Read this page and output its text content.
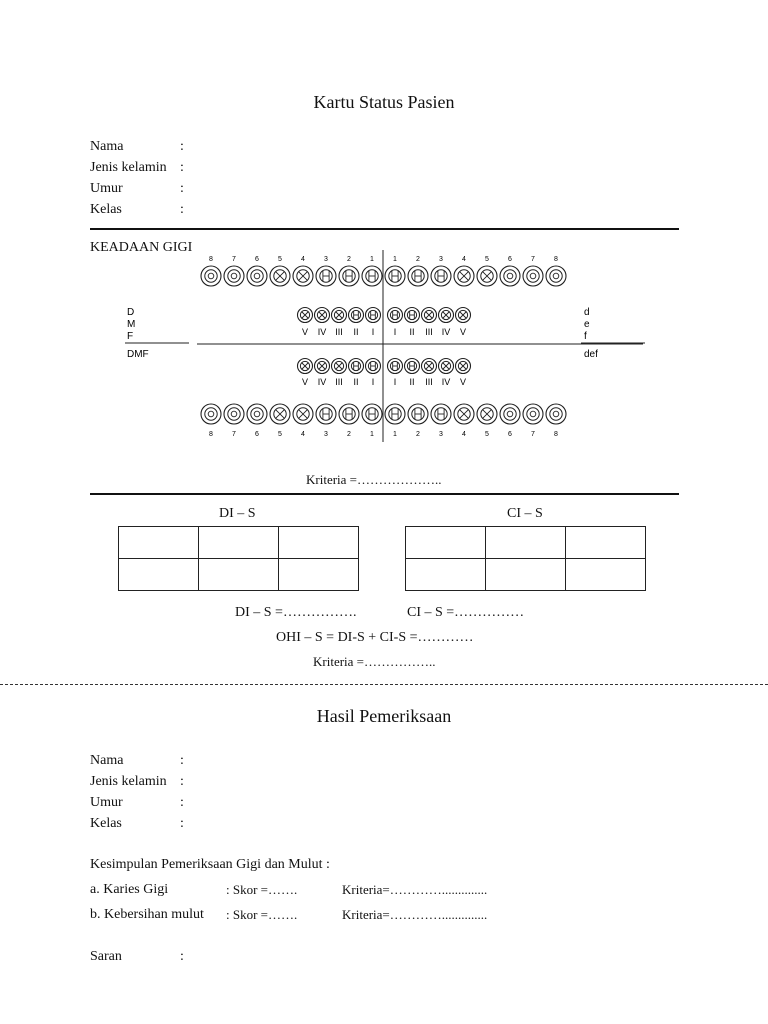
Kartu Status Pasien
Nama	:
Jenis kelamin :
Umur	:
Kelas	:
KEADAAN GIGI
8	7	6	5	4	3	2	1	1	2	3	4	5	6	7	8
8	7	6	5	4	3	2	1	1	2	3	4	5	6	7	8
V IV III II I I II III IV V
V IV III II I I II III IV V
D
M
F
DMF
d
e
f
def
Kriteria =………………..
DI – S	CI – S

DI – S =…………….	CI – S =……………
OHI – S = DI-S + CI-S =…………
Kriteria =……………..
Hasil Pemeriksaan
Nama	:
Jenis kelamin :
Umur	:
Kelas	:
Kesimpulan Pemeriksaan Gigi dan Mulut :
a. Karies Gigi	: Skor =…….	Kriteria=…………..............
b. Kebersihan mulut : Skor =…….	Kriteria=…………..............
Saran	:
